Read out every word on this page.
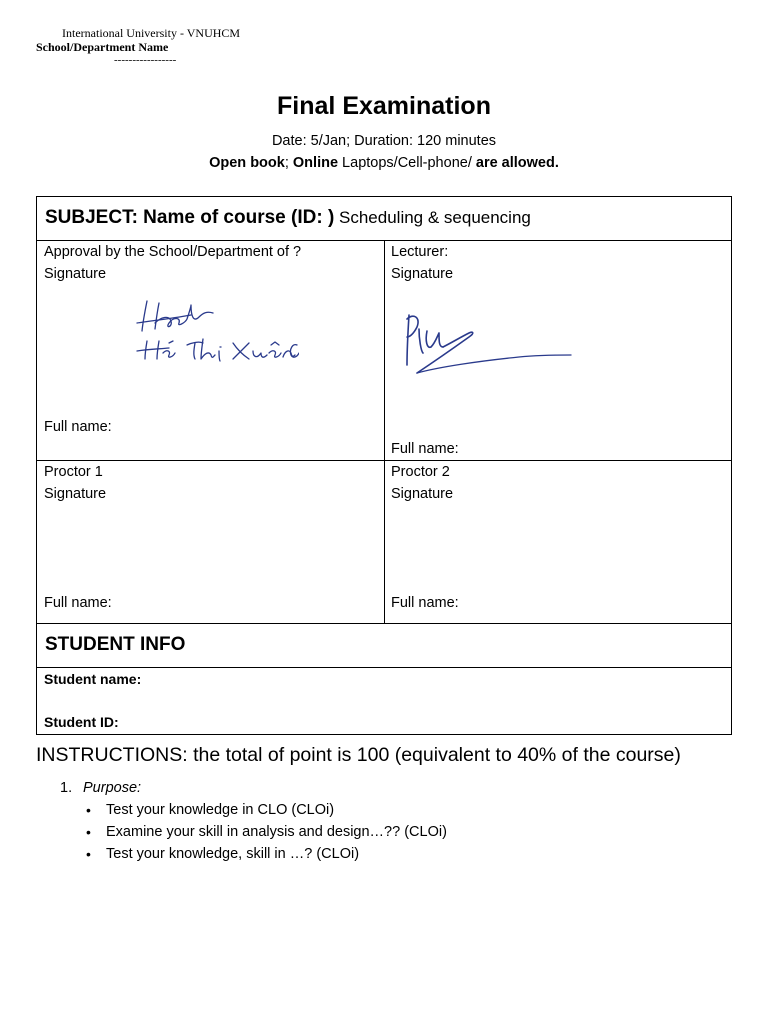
International University - VNUHCM
School/Department Name
-----------------
Final Examination
Date: 5/Jan; Duration: 120 minutes
Open book; Online Laptops/Cell-phone/ are allowed.
SUBJECT: Name of course (ID: ) Scheduling & sequencing
Approval by the School/Department of ?
Signature
Full name:
Lecturer:
Signature
Full name:
Proctor 1
Signature
Full name:
Proctor 2
Signature
Full name:
STUDENT INFO
Student name:
Student ID:
INSTRUCTIONS: the total of point is 100 (equivalent to 40% of the course)
1. Purpose:
• Test your knowledge in CLO (CLOi)
• Examine your skill in analysis and design…?? (CLOi)
• Test your knowledge, skill in …? (CLOi)
